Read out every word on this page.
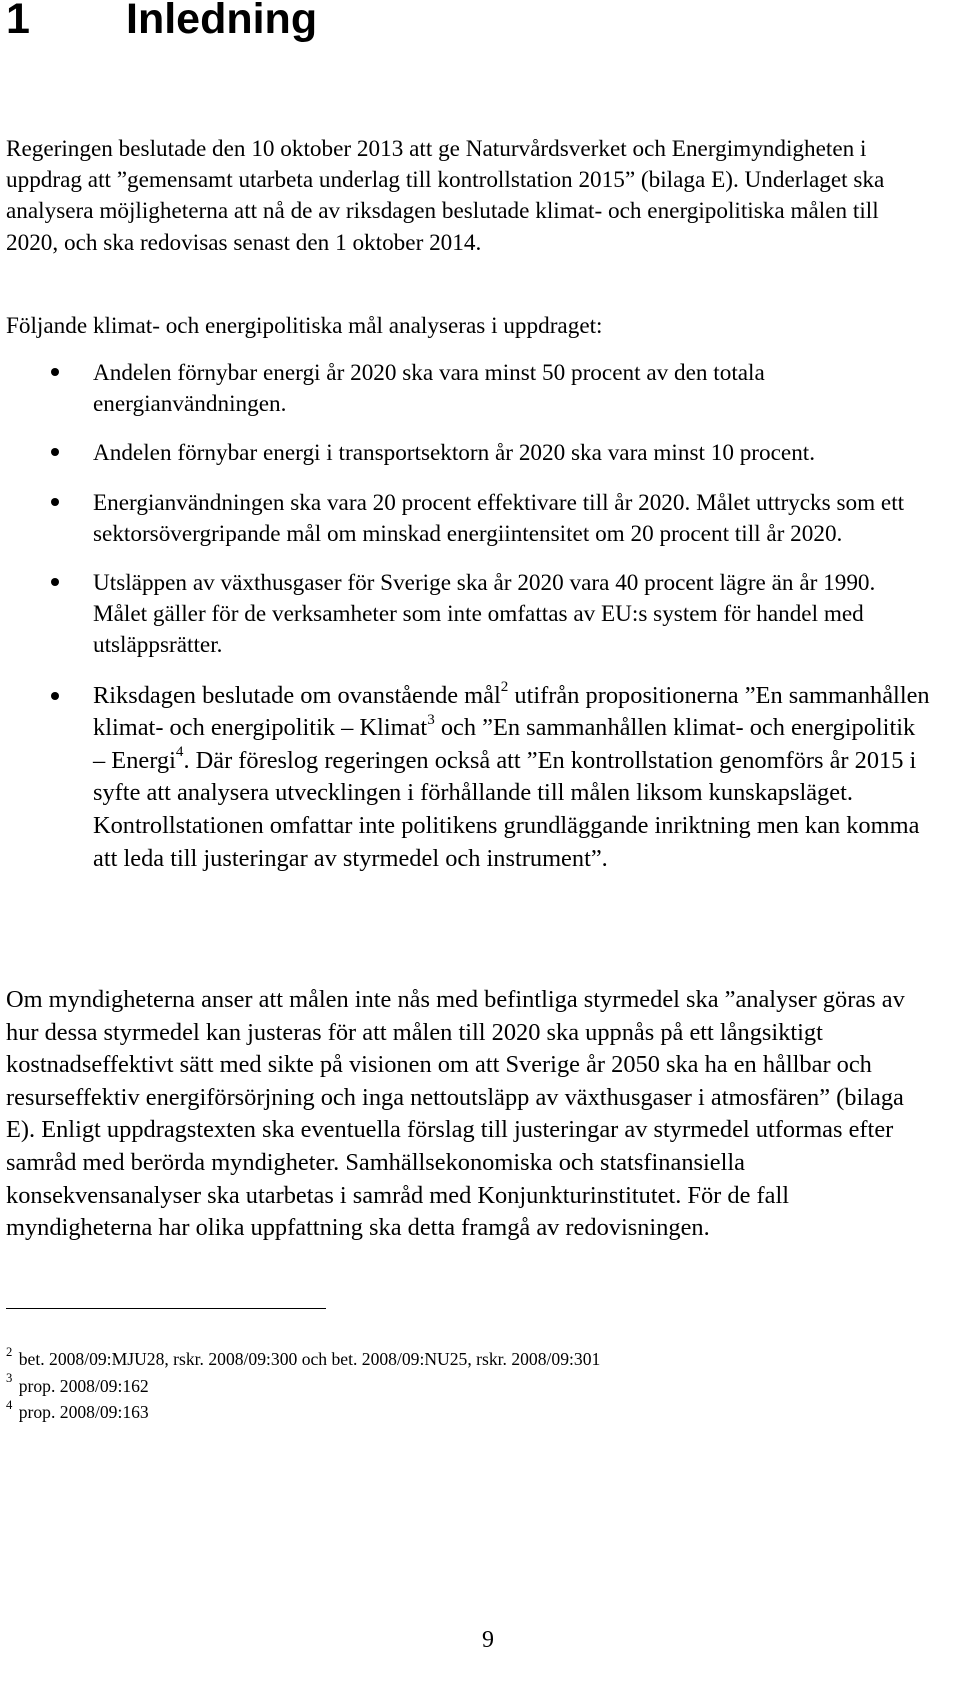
1 Inledning

Regeringen beslutade den 10 oktober 2013 att ge Naturvårdsverket och Energimyndigheten i uppdrag att ”gemensamt utarbeta underlag till kontrollstation 2015” (bilaga E). Underlaget ska analysera möjligheterna att nå de av riksdagen beslutade klimat- och energipolitiska målen till 2020, och ska redovisas senast den 1 oktober 2014.

Följande klimat- och energipolitiska mål analyseras i uppdraget:

Andelen förnybar energi år 2020 ska vara minst 50 procent av den totala energianvändningen.
Andelen förnybar energi i transportsektorn år 2020 ska vara minst 10 procent.
Energianvändningen ska vara 20 procent effektivare till år 2020. Målet uttrycks som ett sektorsövergripande mål om minskad energiintensitet om 20 procent till år 2020.
Utsläppen av växthusgaser för Sverige ska år 2020 vara 40 procent lägre än år 1990. Målet gäller för de verksamheter som inte omfattas av EU:s system för handel med utsläppsrätter.
Riksdagen beslutade om ovanstående mål$^2$ utifrån propositionerna ”En sammanhållen klimat- och energipolitik – Klimat$^3$ och ”En sammanhållen klimat- och energipolitik – Energi$^4$. Där föreslog regeringen också att ”En kontrollstation genomförs år 2015 i syfte att analysera utvecklingen i förhållande till målen liksom kunskapsläget. Kontrollstationen omfattar inte politikens grundläggande inriktning men kan komma att leda till justeringar av styrmedel och instrument”.

Om myndigheterna anser att målen inte nås med befintliga styrmedel ska ”analyser göras av hur dessa styrmedel kan justeras för att målen till 2020 ska uppnås på ett långsiktigt kostnadseffektivt sätt med sikte på visionen om att Sverige år 2050 ska ha en hållbar och resurseffektiv energiförsörjning och inga nettoutsläpp av växthusgaser i atmosfären” (bilaga E). Enligt uppdragstexten ska eventuella förslag till justeringar av styrmedel utformas efter samråd med berörda myndigheter. Samhällsekonomiska och statsfinansiella konsekvensanalyser ska utarbetas i samråd med Konjunkturinstitutet. För de fall myndigheterna har olika uppfattning ska detta framgå av redovisningen.

$^2$ bet. 2008/09:MJU28, rskr. 2008/09:300 och bet. 2008/09:NU25, rskr. 2008/09:301
$^3$ prop. 2008/09:162
$^4$ prop. 2008/09:163
9
